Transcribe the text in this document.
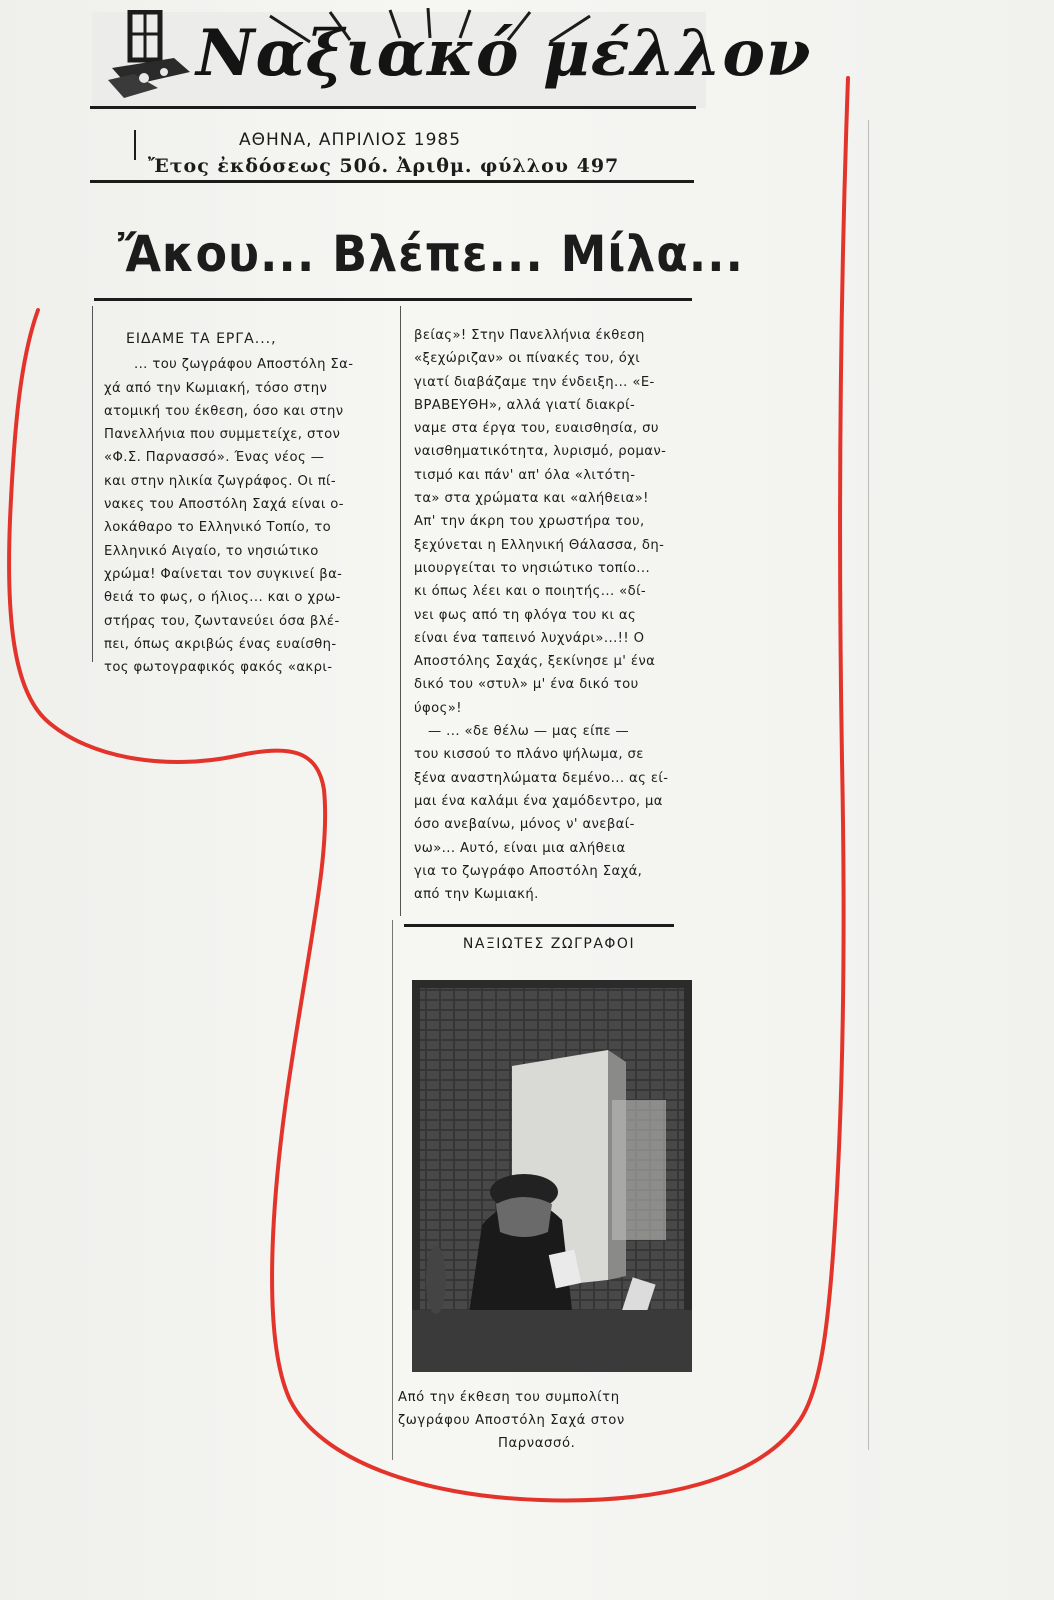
Ναξιακό μέλλον
ΑΘΗΝΑ, ΑΠΡΙΛΙΟΣ 1985
Ἔτος ἐκδόσεως 50ό. Ἀριθμ. φύλλου 497
Ἄκου... Βλέπε... Μίλα...

ΕΙΔΑΜΕ ΤΑ ΕΡΓΑ...,

... του ζωγράφου Αποστόλη Σα-

χά από την Κωμιακή, τόσο στην

ατομική του έκθεση, όσο και στην

Πανελλήνια που συμμετείχε, στον

«Φ.Σ. Παρνασσό». Ένας νέος —

και στην ηλικία ζωγράφος. Οι πί-

νακες του Αποστόλη Σαχά είναι ο-

λοκάθαρο το Ελληνικό Τοπίο, το

Ελληνικό Αιγαίο, το νησιώτικο

χρώμα! Φαίνεται τον συγκινεί βα-

θειά το φως, ο ήλιος... και ο χρω-

στήρας του, ζωντανεύει όσα βλέ-

πει, όπως ακριβώς ένας ευαίσθη-

τος φωτογραφικός φακός «ακρι-

βείας»! Στην Πανελλήνια έκθεση

«ξεχώριζαν» οι πίνακές του, όχι

γιατί διαβάζαμε την ένδειξη... «Ε-

ΒΡΑΒΕΥΘΗ», αλλά γιατί διακρί-

ναμε στα έργα του, ευαισθησία, συ

ναισθηματικότητα, λυρισμό, ρομαν-

τισμό και πάν' απ' όλα «λιτότη-

τα» στα χρώματα και «αλήθεια»!

Απ' την άκρη του χρωστήρα του,

ξεχύνεται η Ελληνική Θάλασσα, δη-

μιουργείται το νησιώτικο τοπίο...

κι όπως λέει και ο ποιητής... «δί-

νει φως από τη φλόγα του κι ας

είναι ένα ταπεινό λυχνάρι»...!! Ο

Αποστόλης Σαχάς, ξεκίνησε μ' ένα

δικό του «στυλ» μ' ένα δικό του

ύφος»!

— ... «δε θέλω — μας είπε —

του κισσού το πλάνο ψήλωμα, σε

ξένα αναστηλώματα δεμένο... ας εί-

μαι ένα καλάμι ένα χαμόδεντρο, μα

όσο ανεβαίνω, μόνος ν' ανεβαί-

νω»... Αυτό, είναι μια αλήθεια

για το ζωγράφο Αποστόλη Σαχά,

από την Κωμιακή.

ΝΑΞΙΩΤΕΣ ΖΩΓΡΑΦΟΙ

Από την έκθεση του συμπολίτη

ζωγράφου Αποστόλη Σαχά στον

Παρνασσό.
